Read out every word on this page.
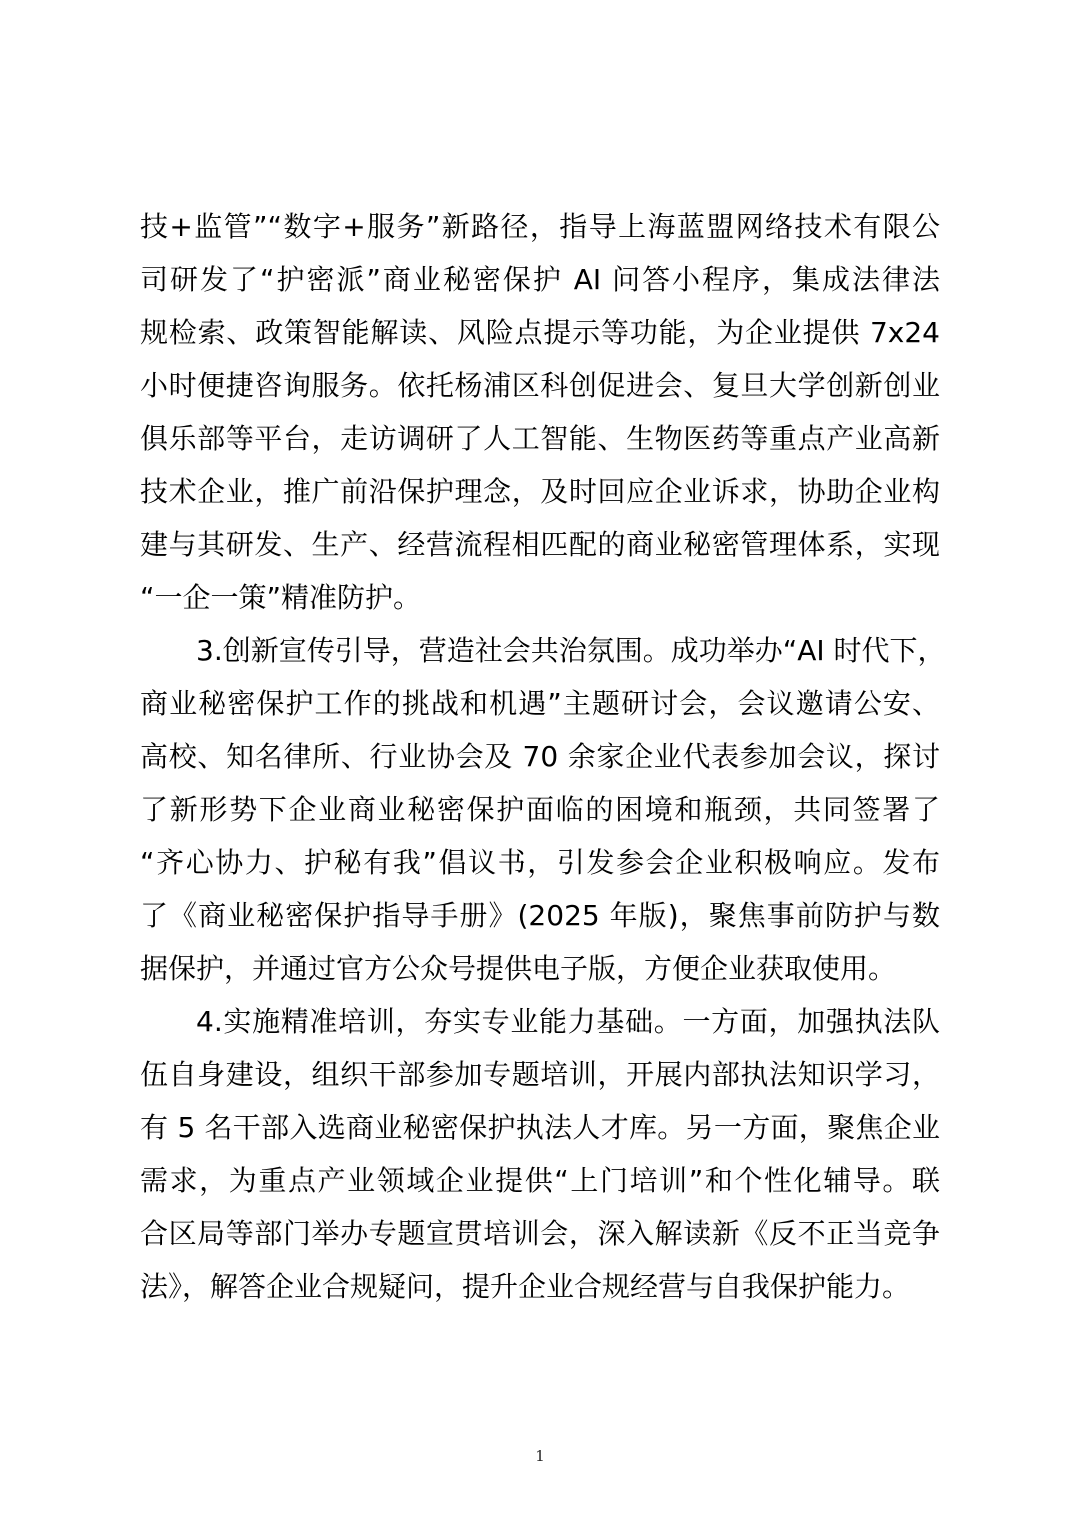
技+监管”“数字+服务”新路径，指导上海蓝盟网络技术有限公
司研发了“护密派”商业秘密保护 AI 问答小程序，集成法律法
规检索、政策智能解读、风险点提示等功能，为企业提供 7x24
小时便捷咨询服务。依托杨浦区科创促进会、复旦大学创新创业
俱乐部等平台，走访调研了人工智能、生物医药等重点产业高新
技术企业，推广前沿保护理念，及时回应企业诉求，协助企业构
建与其研发、生产、经营流程相匹配的商业秘密管理体系，实现
“一企一策”精准防护。
3.创新宣传引导，营造社会共治氛围。成功举办“AI 时代下，
商业秘密保护工作的挑战和机遇”主题研讨会，会议邀请公安、
高校、知名律所、行业协会及 70 余家企业代表参加会议，探讨
了新形势下企业商业秘密保护面临的困境和瓶颈，共同签署了
“齐心协力、护秘有我”倡议书，引发参会企业积极响应。发布
了《商业秘密保护指导手册》(2025 年版)，聚焦事前防护与数
据保护，并通过官方公众号提供电子版，方便企业获取使用。
4.实施精准培训，夯实专业能力基础。一方面，加强执法队
伍自身建设，组织干部参加专题培训，开展内部执法知识学习，
有 5 名干部入选商业秘密保护执法人才库。另一方面，聚焦企业
需求，为重点产业领域企业提供“上门培训”和个性化辅导。联
合区局等部门举办专题宣贯培训会，深入解读新《反不正当竞争
法》，解答企业合规疑问，提升企业合规经营与自我保护能力。
1
